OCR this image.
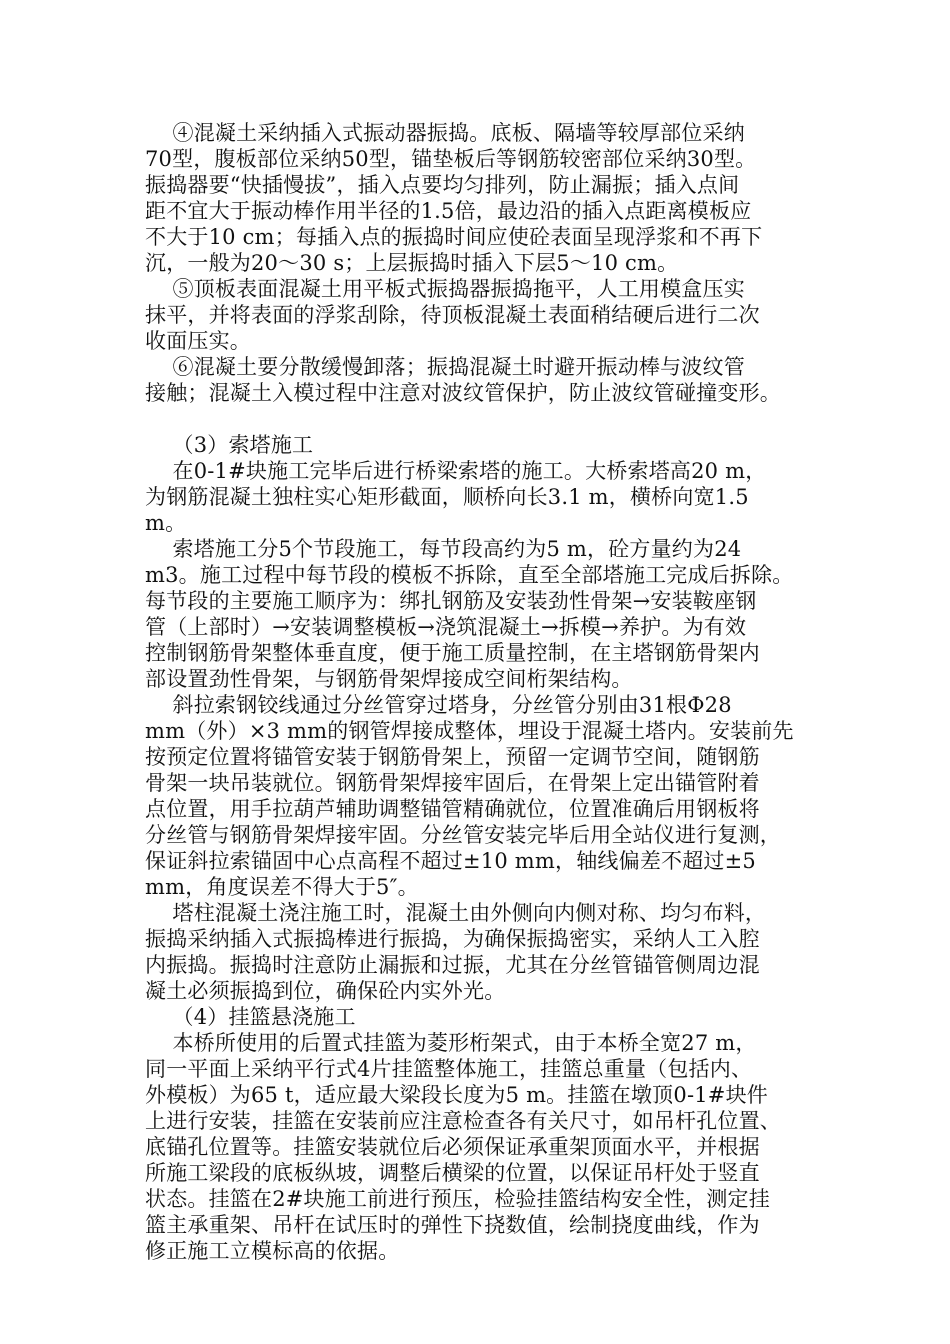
④混凝土采纳插入式振动器振捣。底板、隔墙等较厚部位采纳
70型，腹板部位采纳50型，锚垫板后等钢筋较密部位采纳30型。
振捣器要“快插慢拔”，插入点要均匀排列，防止漏振；插入点间
距不宜大于振动棒作用半径的1.5倍，最边沿的插入点距离模板应
不大于10 cm；每插入点的振捣时间应使砼表面呈现浮浆和不再下
沉，一般为20～30 s；上层振捣时插入下层5～10 cm。
⑤顶板表面混凝土用平板式振捣器振捣拖平，人工用模盒压实
抹平，并将表面的浮浆刮除，待顶板混凝土表面稍结硬后进行二次
收面压实。
⑥混凝土要分散缓慢卸落；振捣混凝土时避开振动棒与波纹管
接触；混凝土入模过程中注意对波纹管保护，防止波纹管碰撞变形。
（3）索塔施工
在0-1#块施工完毕后进行桥梁索塔的施工。大桥索塔高20 m，
为钢筋混凝土独柱实心矩形截面，顺桥向长3.1 m，横桥向宽1.5
m。
索塔施工分5个节段施工，每节段高约为5 m，砼方量约为24
m3。施工过程中每节段的模板不拆除，直至全部塔施工完成后拆除。
每节段的主要施工顺序为：绑扎钢筋及安装劲性骨架→安装鞍座钢
管（上部时）→安装调整模板→浇筑混凝土→拆模→养护。为有效
控制钢筋骨架整体垂直度，便于施工质量控制，在主塔钢筋骨架内
部设置劲性骨架，与钢筋骨架焊接成空间桁架结构。
斜拉索钢铰线通过分丝管穿过塔身，分丝管分别由31根Φ28
mm（外）×3 mm的钢管焊接成整体，埋设于混凝土塔内。安装前先
按预定位置将锚管安装于钢筋骨架上，预留一定调节空间，随钢筋
骨架一块吊装就位。钢筋骨架焊接牢固后，在骨架上定出锚管附着
点位置，用手拉葫芦辅助调整锚管精确就位，位置准确后用钢板将
分丝管与钢筋骨架焊接牢固。分丝管安装完毕后用全站仪进行复测，
保证斜拉索锚固中心点高程不超过±10 mm，轴线偏差不超过±5
mm，角度误差不得大于5″。
塔柱混凝土浇注施工时，混凝土由外侧向内侧对称、均匀布料，
振捣采纳插入式振捣棒进行振捣，为确保振捣密实，采纳人工入腔
内振捣。振捣时注意防止漏振和过振，尤其在分丝管锚管侧周边混
凝土必须振捣到位，确保砼内实外光。
（4）挂篮悬浇施工
本桥所使用的后置式挂篮为菱形桁架式，由于本桥全宽27 m，
同一平面上采纳平行式4片挂篮整体施工，挂篮总重量（包括内、
外模板）为65 t，适应最大梁段长度为5 m。挂篮在墩顶0-1#块件
上进行安装，挂篮在安装前应注意检查各有关尺寸，如吊杆孔位置、
底锚孔位置等。挂篮安装就位后必须保证承重架顶面水平，并根据
所施工梁段的底板纵坡，调整后横梁的位置，以保证吊杆处于竖直
状态。挂篮在2#块施工前进行预压，检验挂篮结构安全性，测定挂
篮主承重架、吊杆在试压时的弹性下挠数值，绘制挠度曲线，作为
修正施工立模标高的依据。
